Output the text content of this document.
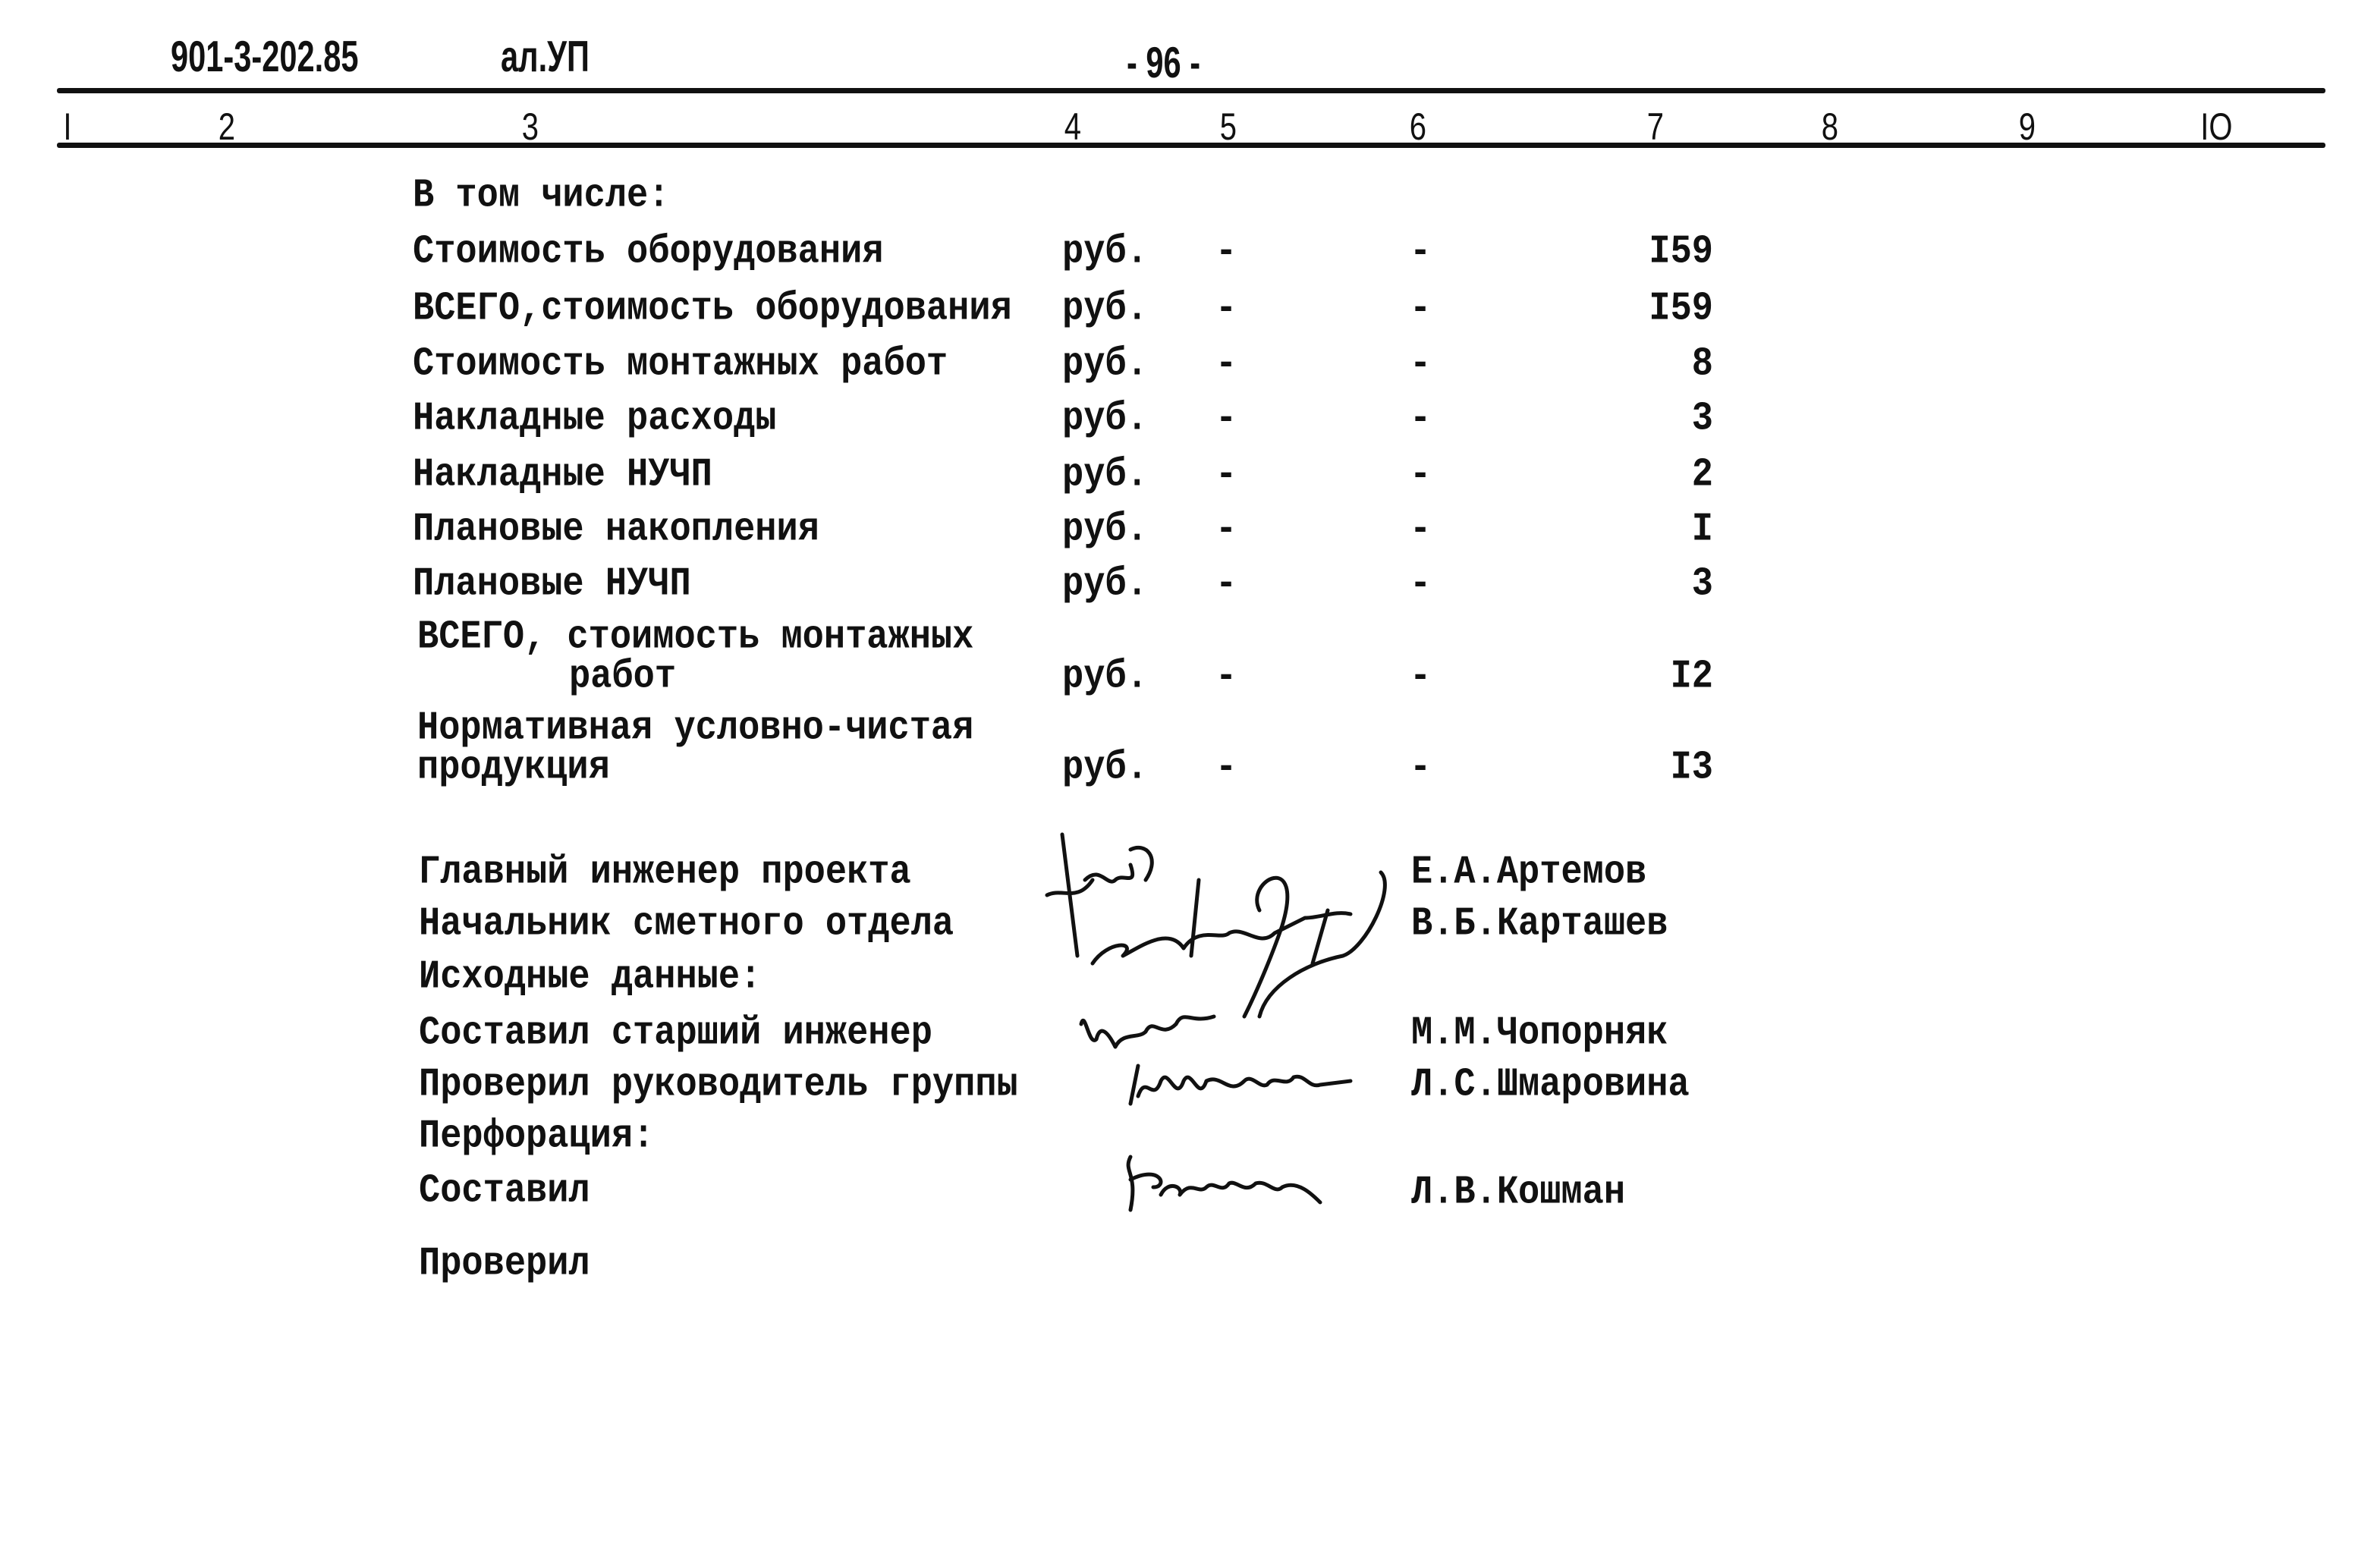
901-3-202.85	ал.УП	- 96 -
I	2	3	4	5	6	7	8	9	IO
В том числе:
Стоимость оборудования	руб. -	-	I59
ВСЕГО,стоимость оборудования руб. -	-	I59
Стоимость монтажных работ	руб. -	-	8
Накладные расходы	руб. -	-	3
Накладные НУЧП	руб. -	-	2
Плановые накопления	руб. -	-	I
Плановые НУЧП	руб. -	-	3
ВСЕГО, стоимость монтажных
работ	руб. -	-	I2
Нормативная условно-чистая
продукция	руб. -	-	I3
Главный инженер проекта	Е.А.Артемов
Начальник сметного отдела	В.Б.Карташев
Исходные данные:
Составил старший инженер	М.М.Чопорняк
Проверил руководитель группы	Л.С.Шмаровина
Перфорация:
Составил	Л.В.Кошман
Проверил
